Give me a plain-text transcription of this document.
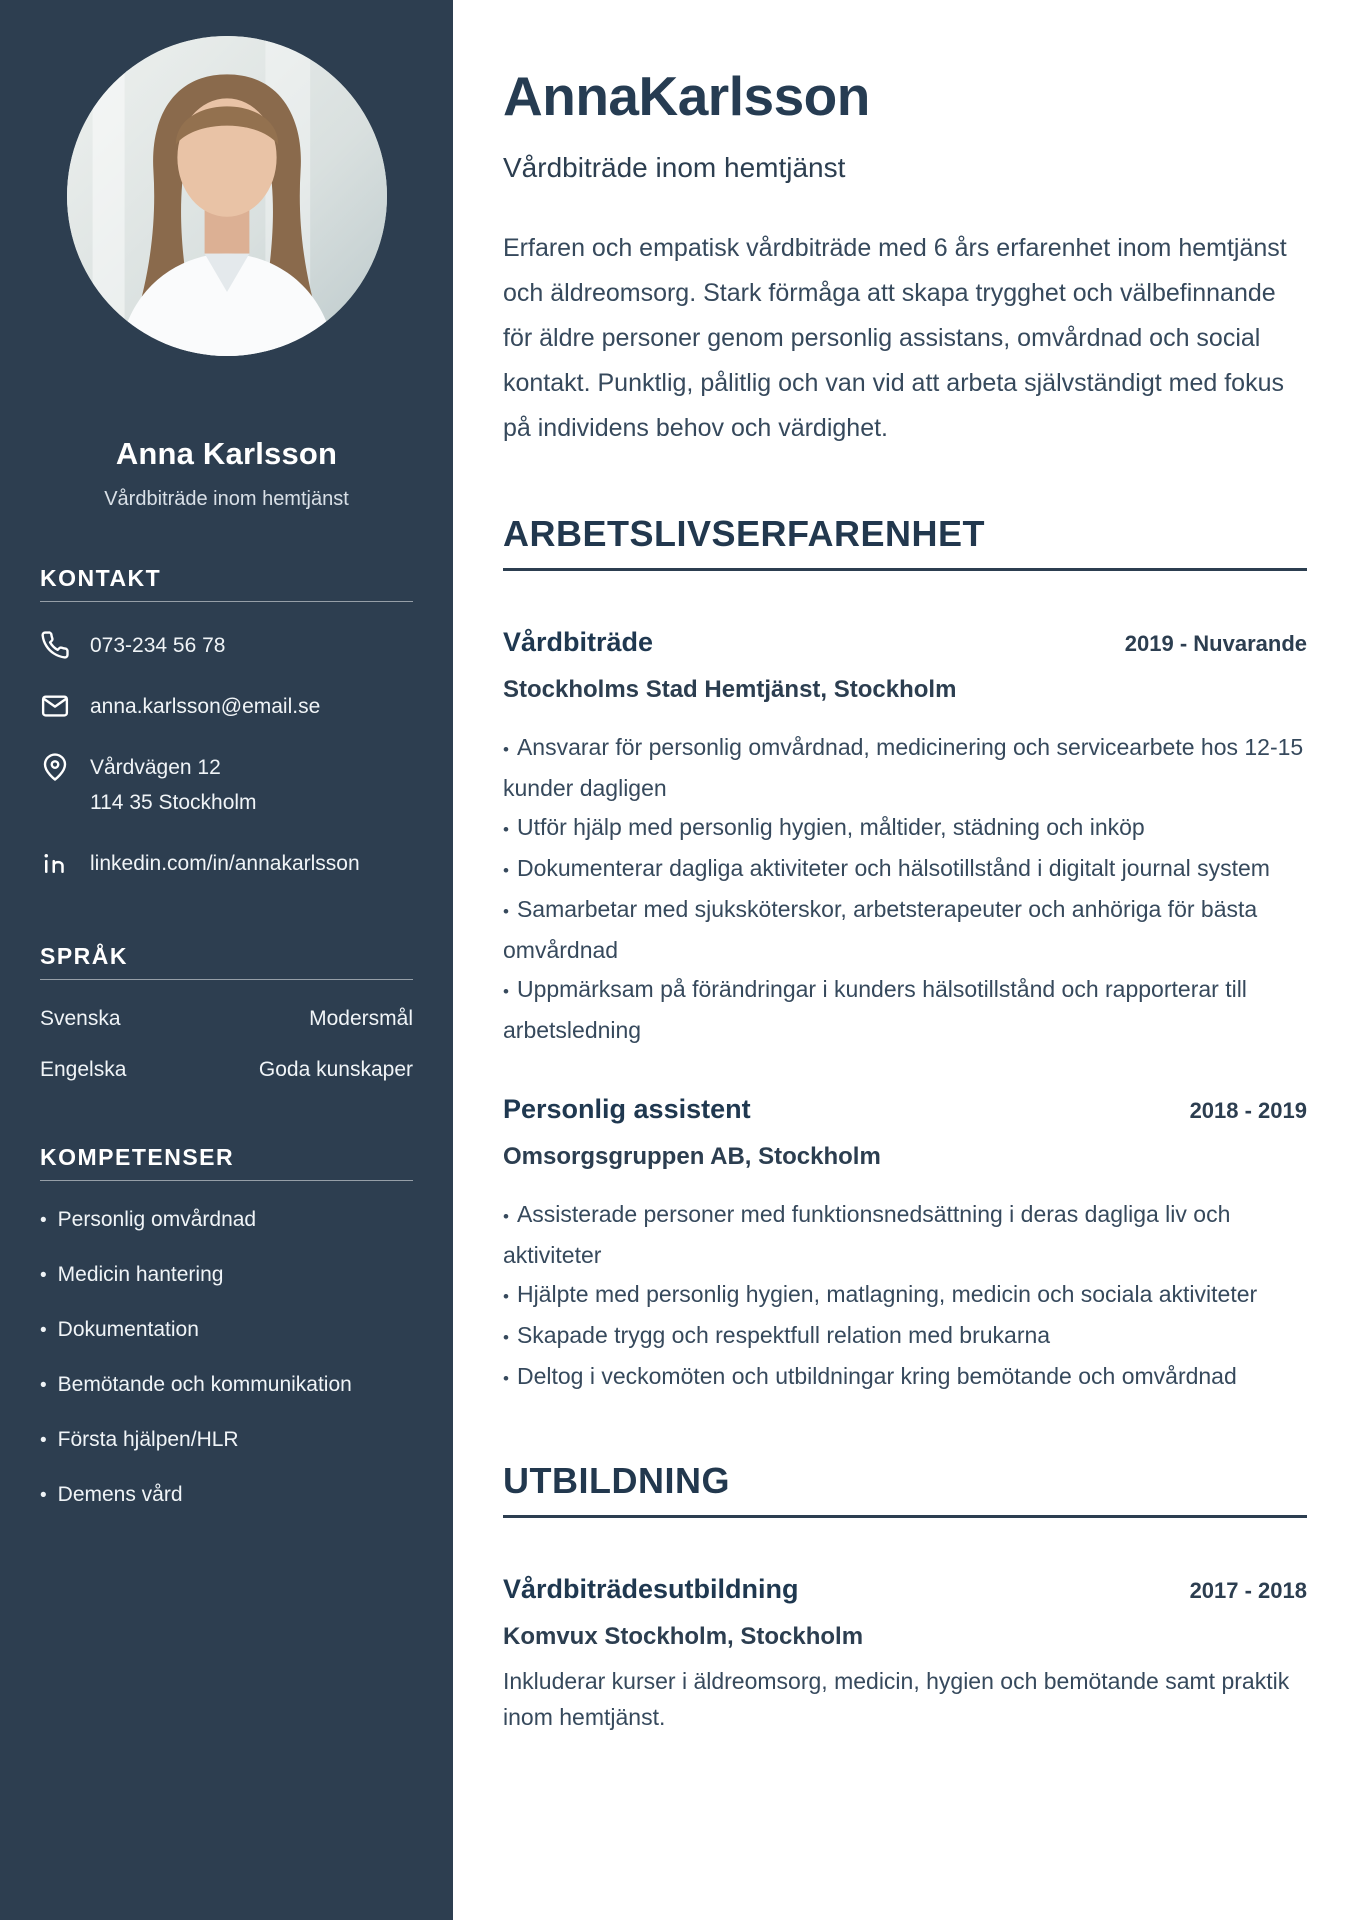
Anna Karlsson
Vårdbiträde inom hemtjänst
KONTAKT
073-234 56 78
anna.karlsson@email.se
Vårdvägen 12
114 35 Stockholm
linkedin.com/in/annakarlsson
SPRÅK
Svenska	Modersmål
Engelska	Goda kunskaper
KOMPETENSER
• Personlig omvårdnad
• Medicin hantering
• Dokumentation
• Bemötande och kommunikation
• Första hjälpen/HLR
• Demens vård
AnnaKarlsson
Vårdbiträde inom hemtjänst

Erfaren och empatisk vårdbiträde med 6 års erfarenhet inom hemtjänst och äldreomsorg. Stark förmåga att skapa trygghet och välbefinnande för äldre personer genom personlig assistans, omvårdnad och social kontakt. Punktlig, pålitlig och van vid att arbeta självständigt med fokus på individens behov och värdighet.

ARBETSLIVSERFARENHET
Vårdbiträde	2019 - Nuvarande
Stockholms Stad Hemtjänst, Stockholm
• Ansvarar för personlig omvårdnad, medicinering och servicearbete hos 12-15 kunder dagligen
• Utför hjälp med personlig hygien, måltider, städning och inköp
• Dokumenterar dagliga aktiviteter och hälsotillstånd i digitalt journal system
• Samarbetar med sjuksköterskor, arbetsterapeuter och anhöriga för bästa omvårdnad
• Uppmärksam på förändringar i kunders hälsotillstånd och rapporterar till arbetsledning
Personlig assistent	2018 - 2019
Omsorgsgruppen AB, Stockholm
• Assisterade personer med funktionsnedsättning i deras dagliga liv och aktiviteter
• Hjälpte med personlig hygien, matlagning, medicin och sociala aktiviteter
• Skapade trygg och respektfull relation med brukarna
• Deltog i veckomöten och utbildningar kring bemötande och omvårdnad
UTBILDNING
Vårdbiträdesutbildning	2017 - 2018
Komvux Stockholm, Stockholm

Inkluderar kurser i äldreomsorg, medicin, hygien och bemötande samt praktik inom hemtjänst.
